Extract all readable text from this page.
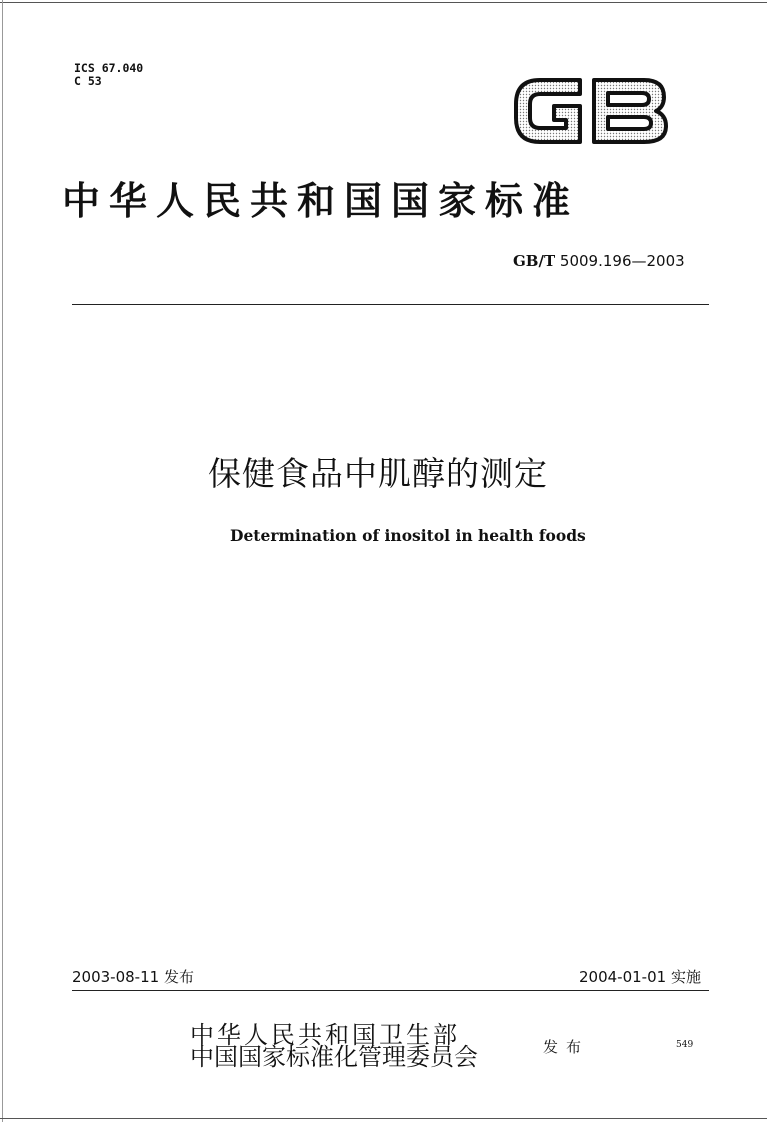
ICS 67.040
C 53
中华人民共和国国家标准
GB/T 5009.196—2003
保健食品中肌醇的测定
Determination of inositol in health foods
2003-08-11 发布	2004-01-01 实施
中华人民共和国卫生部
中国国家标准化管理委员会	发布	549
